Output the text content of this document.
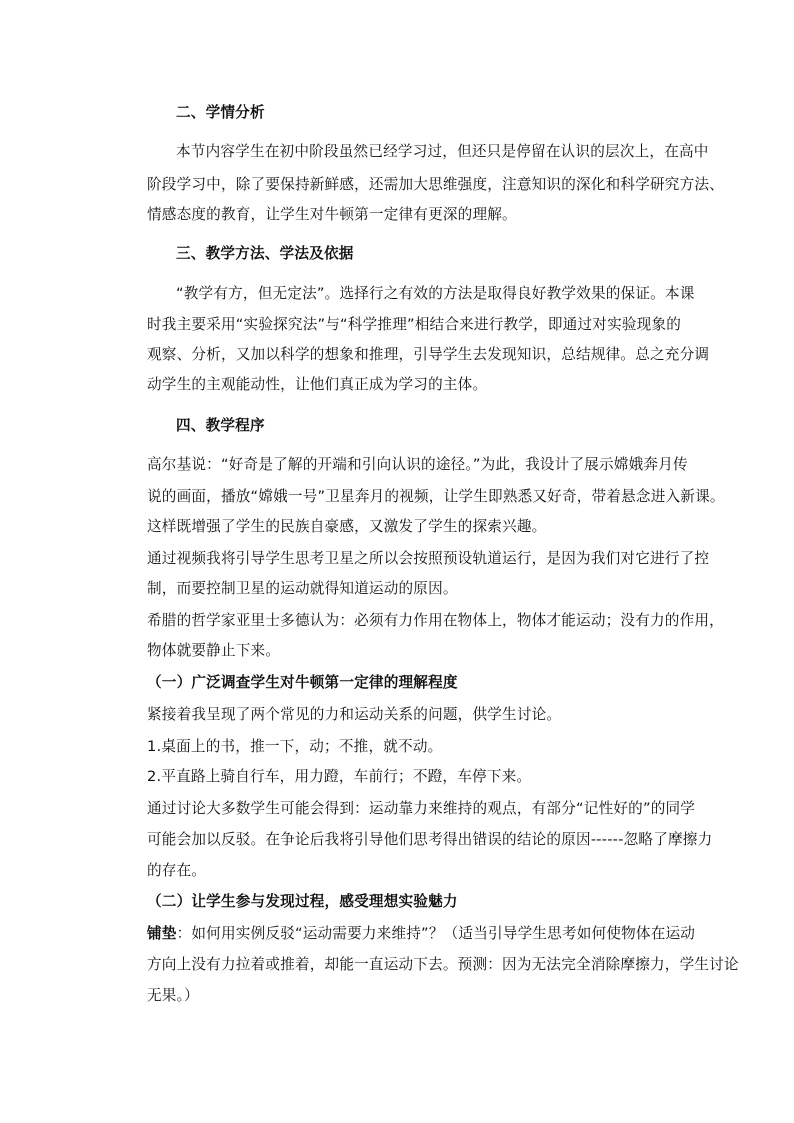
二、学情分析
本节内容学生在初中阶段虽然已经学习过，但还只是停留在认识的层次上，在高中
阶段学习中，除了要保持新鲜感，还需加大思维强度，注意知识的深化和科学研究方法、
情感态度的教育，让学生对牛顿第一定律有更深的理解。
三、教学方法、学法及依据
“教学有方，但无定法”。选择行之有效的方法是取得良好教学效果的保证。本课
时我主要采用“实验探究法”与“科学推理”相结合来进行教学，即通过对实验现象的
观察、分析，又加以科学的想象和推理，引导学生去发现知识，总结规律。总之充分调
动学生的主观能动性，让他们真正成为学习的主体。
四、教学程序
高尔基说：“好奇是了解的开端和引向认识的途径。”为此，我设计了展示嫦娥奔月传
说的画面，播放“嫦娥一号”卫星奔月的视频，让学生即熟悉又好奇，带着悬念进入新课。
这样既增强了学生的民族自豪感，又激发了学生的探索兴趣。
通过视频我将引导学生思考卫星之所以会按照预设轨道运行，是因为我们对它进行了控
制，而要控制卫星的运动就得知道运动的原因。
希腊的哲学家亚里士多德认为：必须有力作用在物体上，物体才能运动；没有力的作用，
物体就要静止下来。
（一）广泛调查学生对牛顿第一定律的理解程度
紧接着我呈现了两个常见的力和运动关系的问题，供学生讨论。
1.桌面上的书，推一下，动；不推，就不动。
2.平直路上骑自行车，用力蹬，车前行；不蹬，车停下来。
通过讨论大多数学生可能会得到：运动靠力来维持的观点，有部分“记性好的”的同学
可能会加以反驳。在争论后我将引导他们思考得出错误的结论的原因------忽略了摩擦力
的存在。
（二）让学生参与发现过程，感受理想实验魅力
铺垫：如何用实例反驳“运动需要力来维持”？（适当引导学生思考如何使物体在运动
方向上没有力拉着或推着，却能一直运动下去。预测：因为无法完全消除摩擦力，学生讨论
无果。）
